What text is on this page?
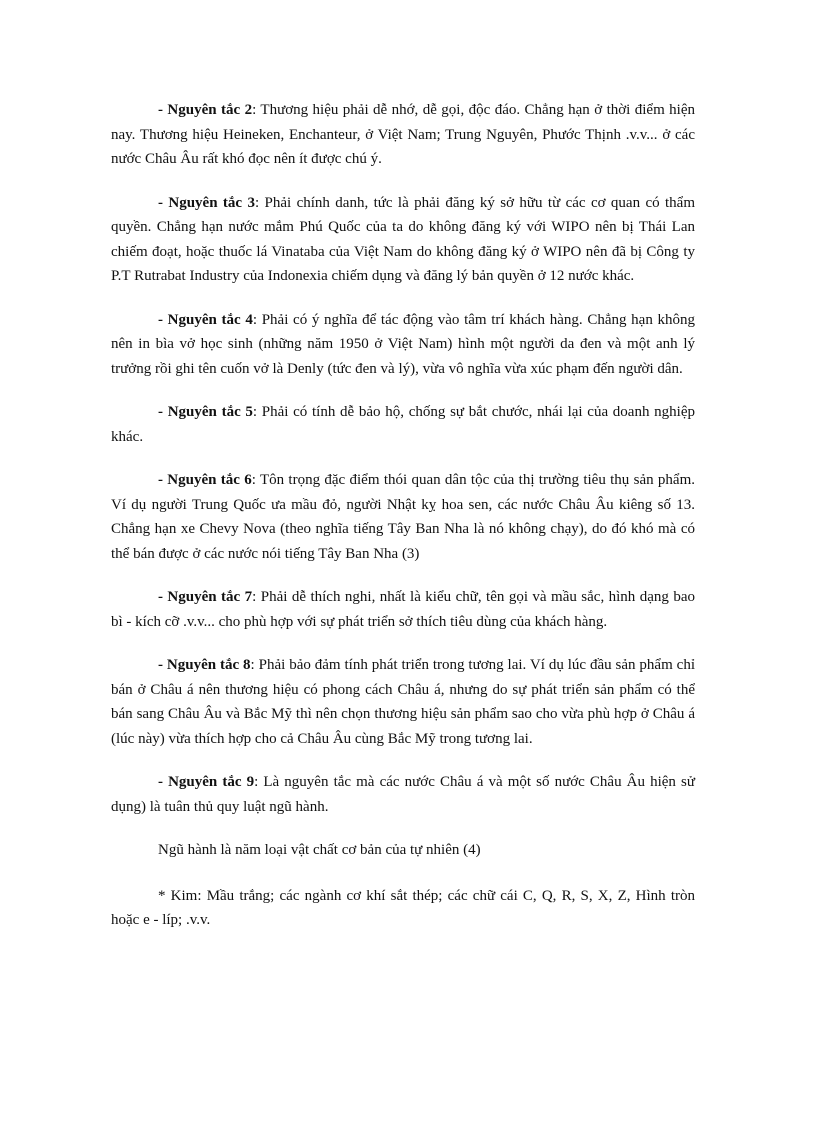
- Nguyên tắc 2: Thương hiệu phải dễ nhớ, dễ gọi, độc đáo. Chẳng hạn ở thời điểm hiện nay. Thương hiệu Heineken, Enchanteur, ở Việt Nam; Trung Nguyên, Phước Thịnh .v.v... ở các nước Châu Âu rất khó đọc nên ít được chú ý.

- Nguyên tắc 3: Phải chính danh, tức là phải đăng ký sở hữu từ các cơ quan có thẩm quyền. Chẳng hạn nước mắm Phú Quốc của ta do không đăng ký với WIPO nên bị Thái Lan chiếm đoạt, hoặc thuốc lá Vinataba của Việt Nam do không đăng ký ở WIPO nên đã bị Công ty P.T Rutrabat Industry của Indonexia chiếm dụng và đăng lý bản quyền ở 12 nước khác.

- Nguyên tắc 4: Phải có ý nghĩa để tác động vào tâm trí khách hàng. Chẳng hạn không nên in bìa vở học sinh (những năm 1950 ở Việt Nam) hình một người da đen và một anh lý trưởng rồi ghi tên cuốn vở là Denly (tức đen và lý), vừa vô nghĩa vừa xúc phạm đến người dân.

- Nguyên tắc 5: Phải có tính dễ bảo hộ, chống sự bắt chước, nhái lại của doanh nghiệp khác.

- Nguyên tắc 6: Tôn trọng đặc điểm thói quan dân tộc của thị trường tiêu thụ sản phẩm. Ví dụ người Trung Quốc ưa mầu đỏ, người Nhật kỵ hoa sen, các nước Châu Âu kiêng số 13. Chẳng hạn xe Chevy Nova (theo nghĩa tiếng Tây Ban Nha là nó không chạy), do đó khó mà có thể bán được ở các nước nói tiếng Tây Ban Nha (3)

- Nguyên tắc 7: Phải dễ thích nghi, nhất là kiểu chữ, tên gọi và mầu sắc, hình dạng bao bì - kích cỡ .v.v... cho phù hợp với sự phát triển sở thích tiêu dùng của khách hàng.

- Nguyên tắc 8: Phải bảo đảm tính phát triển trong tương lai. Ví dụ lúc đầu sản phẩm chỉ bán ở Châu á nên thương hiệu có phong cách Châu á, nhưng do sự phát triển sản phẩm có thể bán sang Châu Âu và Bắc Mỹ thì nên chọn thương hiệu sản phẩm sao cho vừa phù hợp ở Châu á (lúc này) vừa thích hợp cho cả Châu Âu cùng Bắc Mỹ trong tương lai.

- Nguyên tắc 9: Là nguyên tắc mà các nước Châu á và một số nước Châu Âu hiện sử dụng) là tuân thủ quy luật ngũ hành.

Ngũ hành là năm loại vật chất cơ bản của tự nhiên (4)

* Kim: Mầu trắng; các ngành cơ khí sắt thép; các chữ cái C, Q, R, S, X, Z, Hình tròn hoặc e - líp; .v.v.
